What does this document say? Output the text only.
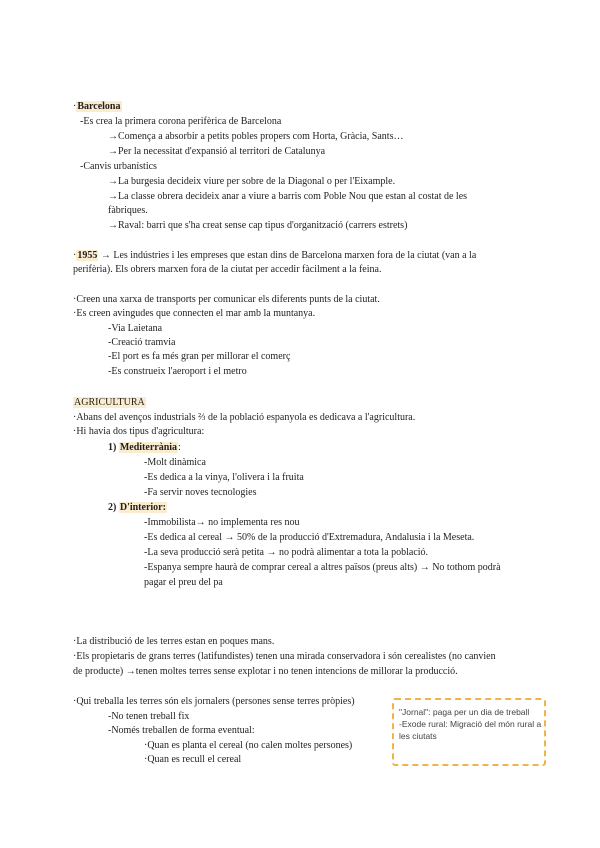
·Barcelona
-Es crea la primera corona perifèrica de Barcelona
→Comença a absorbir a petits pobles propers com Horta, Gràcia, Sants…
→Per la necessitat d'expansió al territori de Catalunya
-Canvis urbanístics
→La burgesia decideix viure per sobre de la Diagonal o per l'Eixample.
→La classe obrera decideix anar a viure a barris com Poble Nou que estan al costat de les
fàbriques.
→Raval: barri que s'ha creat sense cap tipus d'organització (carrers estrets)
·1955 → Les indústries i les empreses que estan dins de Barcelona marxen fora de la ciutat (van a la
perifèria). Els obrers marxen fora de la ciutat per accedir fàcilment a la feina.
·Creen una xarxa de transports per comunicar els diferents punts de la ciutat.
·Es creen avingudes que connecten el mar amb la muntanya.
-Via Laietana
-Creació tramvia
-El port es fa més gran per millorar el comerç
-Es construeix l'aeroport i el metro
AGRICULTURA
·Abans del avenços industrials ⅔ de la població espanyola es dedicava a l'agricultura.
·Hi havia dos tipus d'agricultura:
1) Mediterrània:
-Molt dinàmica
-Es dedica a la vinya, l'olivera i la fruita
-Fa servir noves tecnologies
2) D'interior:
-Immobilista→ no implementa res nou
-Es dedica al cereal → 50% de la producció d'Extremadura, Andalusia i la Meseta.
-La seva producció serà petita → no podrà alimentar a tota la població.
-Espanya sempre haurà de comprar cereal a altres països (preus alts) → No tothom podrà
pagar el preu del pa
·La distribució de les terres estan en poques mans.
·Els propietaris de grans terres (latifundistes) tenen una mirada conservadora i són cerealistes (no canvien
de producte) →tenen moltes terres sense explotar i no tenen intencions de millorar la producció.
·Qui treballa les terres són els jornalers (persones sense terres pròpies)
-No tenen treball fix
-Només treballen de forma eventual:
·Quan es planta el cereal (no calen moltes persones)
·Quan es recull el cereal
"Jornal": paga per un dia de treball
-Exode rural: Migració del món rural a
les ciutats
